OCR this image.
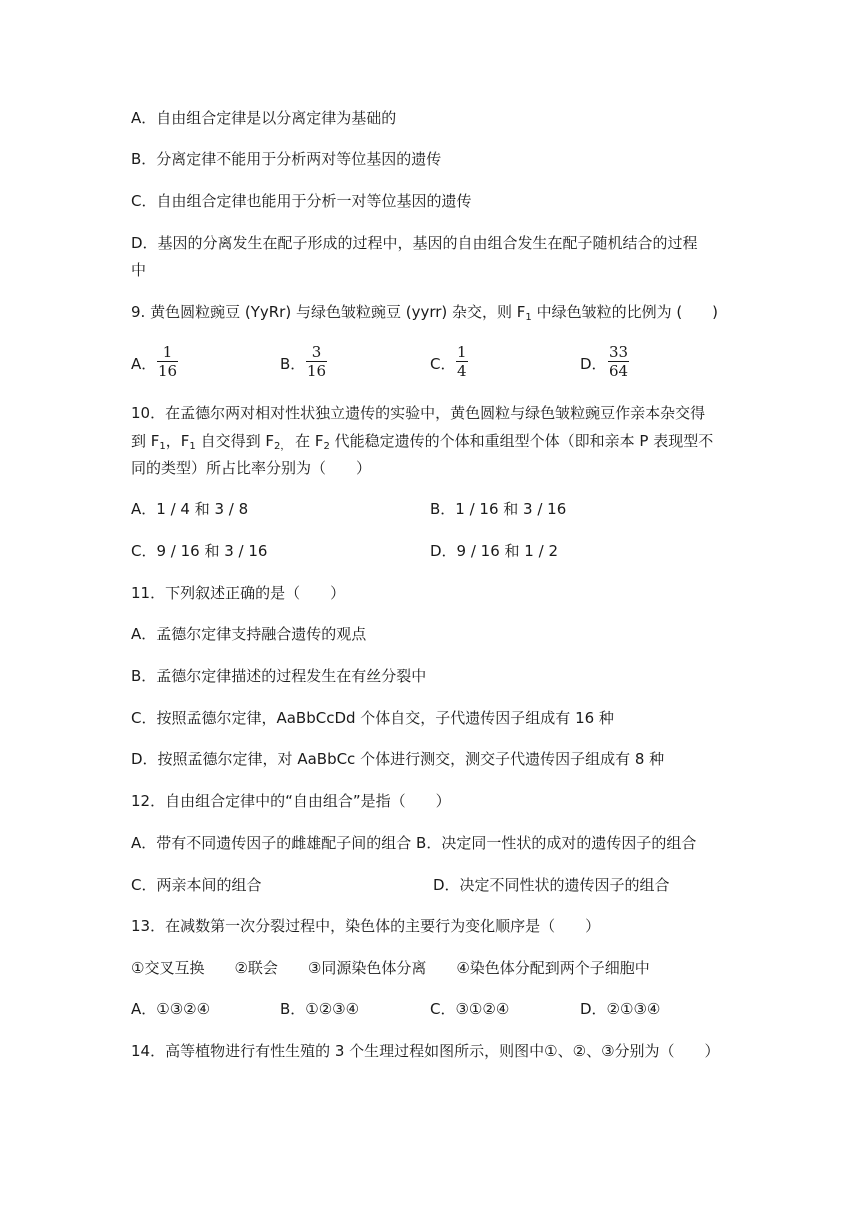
A．自由组合定律是以分离定律为基础的
B．分离定律不能用于分析两对等位基因的遗传
C．自由组合定律也能用于分析一对等位基因的遗传
D．基因的分离发生在配子形成的过程中，基因的自由组合发生在配子随机结合的过程
中
9. 黄色圆粒豌豆 (YyRr) 与绿色皱粒豌豆 (yyrr) 杂交，则 $F_1$ 中绿色皱粒的比例为 (　　)
A．
1
16	B．
3
16	C．
1
4	D．
33
64
10．在孟德尔两对相对性状独立遗传的实验中，黄色圆粒与绿色皱粒豌豆作亲本杂交得
到 $F_1$，$F_1$ 自交得到 $F_{2,}$ 在 $F_2$ 代能稳定遗传的个体和重组型个体（即和亲本 P 表现型不
同的类型）所占比率分别为（　　）
A．1 / 4 和 3 / 8	B．1 / 16 和 3 / 16
C．9 / 16 和 3 / 16	D．9 / 16 和 1 / 2
11．下列叙述正确的是（　　）
A．孟德尔定律支持融合遗传的观点
B．孟德尔定律描述的过程发生在有丝分裂中
C．按照孟德尔定律，AaBbCcDd 个体自交，子代遗传因子组成有 16 种
D．按照孟德尔定律，对 AaBbCc 个体进行测交，测交子代遗传因子组成有 8 种
12．自由组合定律中的“自由组合”是指（　　）
A．带有不同遗传因子的雌雄配子间的组合 B．决定同一性状的成对的遗传因子的组合
C．两亲本间的组合	D．决定不同性状的遗传因子的组合
13．在减数第一次分裂过程中，染色体的主要行为变化顺序是（　　）
①交叉互换　　②联会　　③同源染色体分离　　④染色体分配到两个子细胞中
A．①③②④	B．①②③④	C．③①②④	D．②①③④
14．高等植物进行有性生殖的 3 个生理过程如图所示，则图中①、②、③分别为（　　）
